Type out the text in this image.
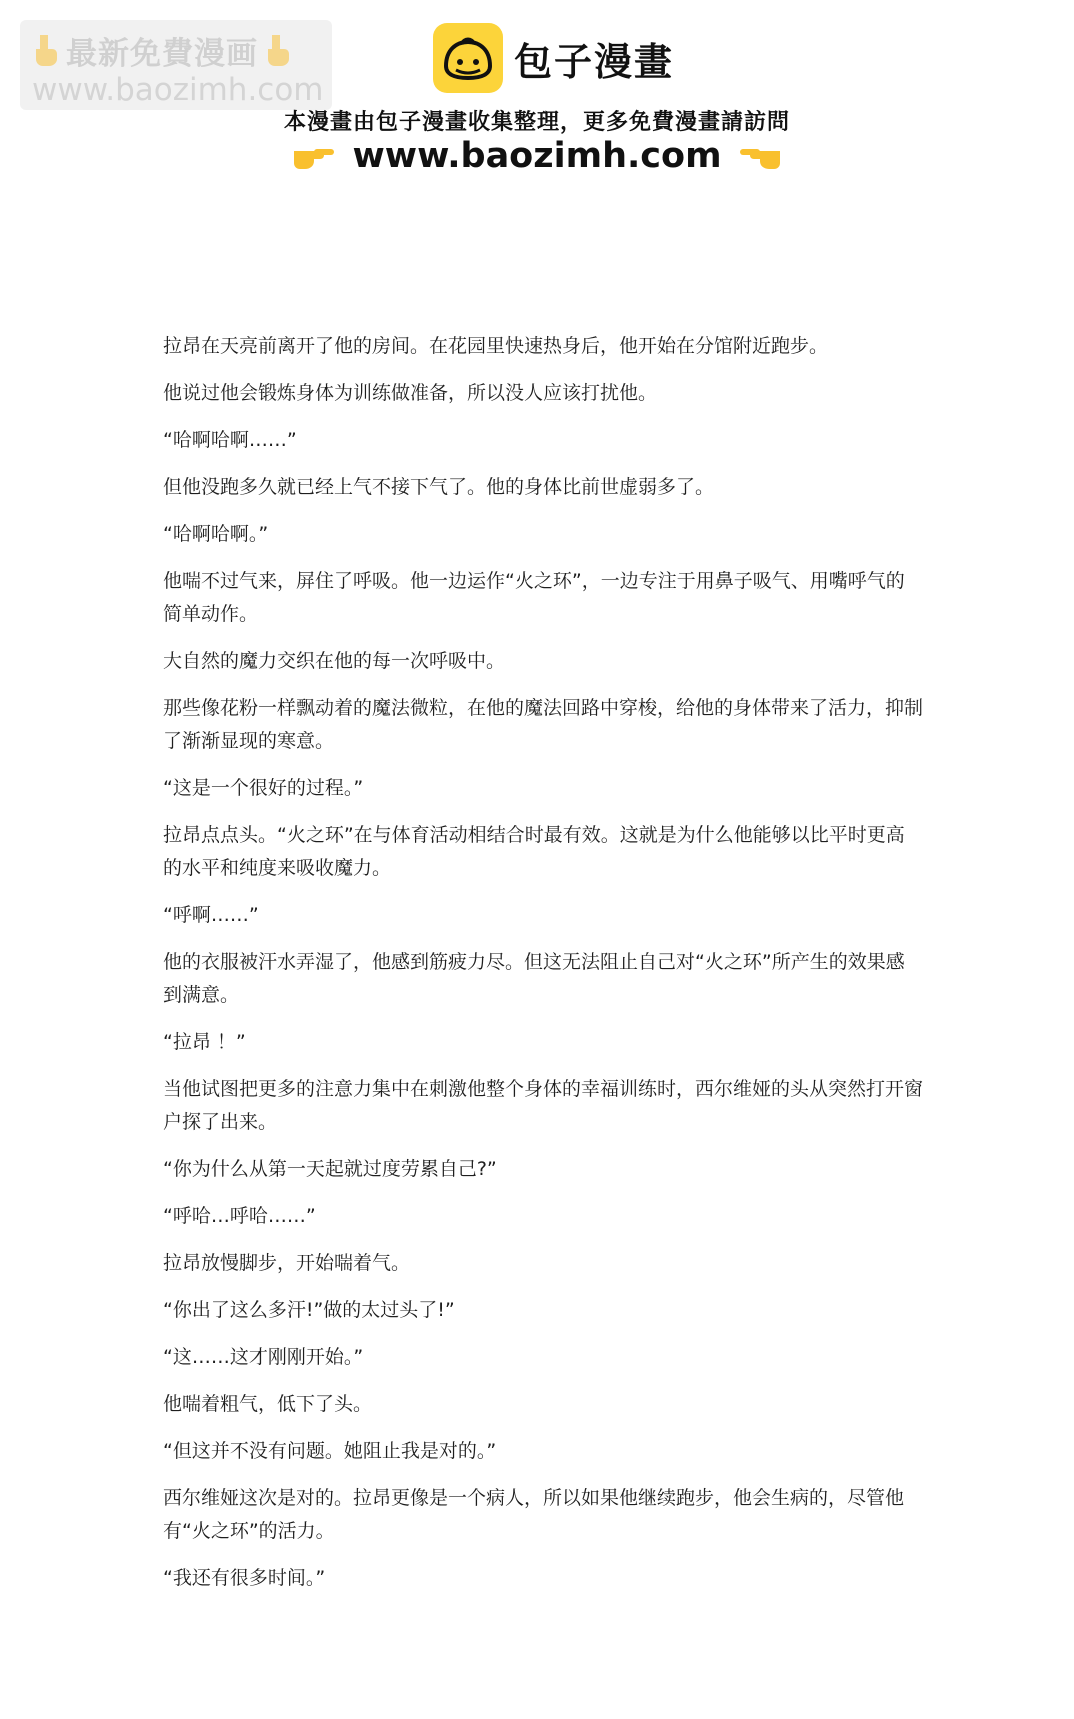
最新免費漫画
www.baozimh.com
包子漫畫
本漫畫由包子漫畫收集整理，更多免費漫畫請訪問
www.baozimh.com

拉昂在天亮前离开了他的房间。在花园里快速热身后，他开始在分馆附近跑步。

他说过他会锻炼身体为训练做准备，所以没人应该打扰他。

“哈啊哈啊……”

但他没跑多久就已经上气不接下气了。他的身体比前世虚弱多了。

“哈啊哈啊。”

他喘不过气来，屏住了呼吸。他一边运作“火之环”，一边专注于用鼻子吸气、用嘴呼气的简单动作。

大自然的魔力交织在他的每一次呼吸中。

那些像花粉一样飘动着的魔法微粒，在他的魔法回路中穿梭，给他的身体带来了活力，抑制了渐渐显现的寒意。

“这是一个很好的过程。”

拉昂点点头。“火之环”在与体育活动相结合时最有效。这就是为什么他能够以比平时更高的水平和纯度来吸收魔力。

“呼啊……”

他的衣服被汗水弄湿了，他感到筋疲力尽。但这无法阻止自己对“火之环”所产生的效果感到满意。

“拉昂 ！”

当他试图把更多的注意力集中在刺激他整个身体的幸福训练时，西尔维娅的头从突然打开窗户探了出来。

“你为什么从第一天起就过度劳累自己?”

“呼哈…呼哈……”

拉昂放慢脚步，开始喘着气。

“你出了这么多汗!”做的太过头了!”

“这……这才刚刚开始。”

他喘着粗气，低下了头。

“但这并不没有问题。她阻止我是对的。”

西尔维娅这次是对的。拉昂更像是一个病人，所以如果他继续跑步，他会生病的，尽管他有“火之环”的活力。

“我还有很多时间。”
